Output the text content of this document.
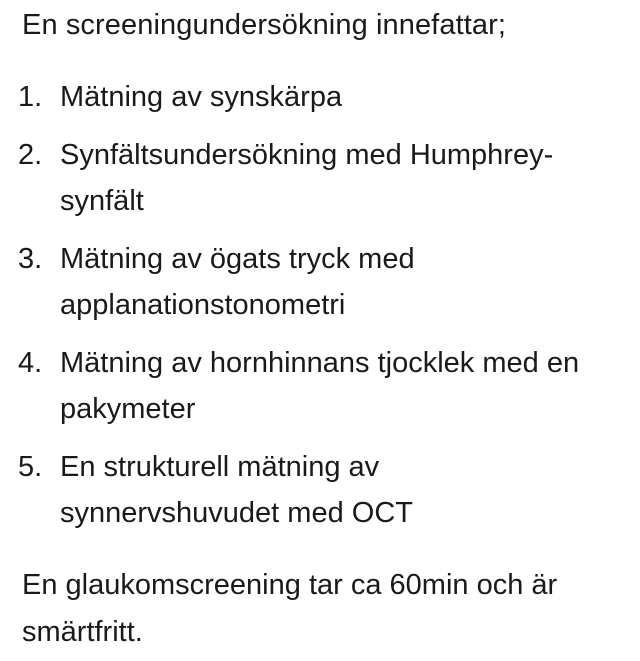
En screeningundersökning innefattar;
1. Mätning av synskärpa
2. Synfältsundersökning med Humphrey-synfält
3. Mätning av ögats tryck med applanationstonometri
4. Mätning av hornhinnans tjocklek med en pakymeter
5. En strukturell mätning av synnervshuvudet med OCT

En glaukomscreening tar ca 60min och är smärtfritt.
